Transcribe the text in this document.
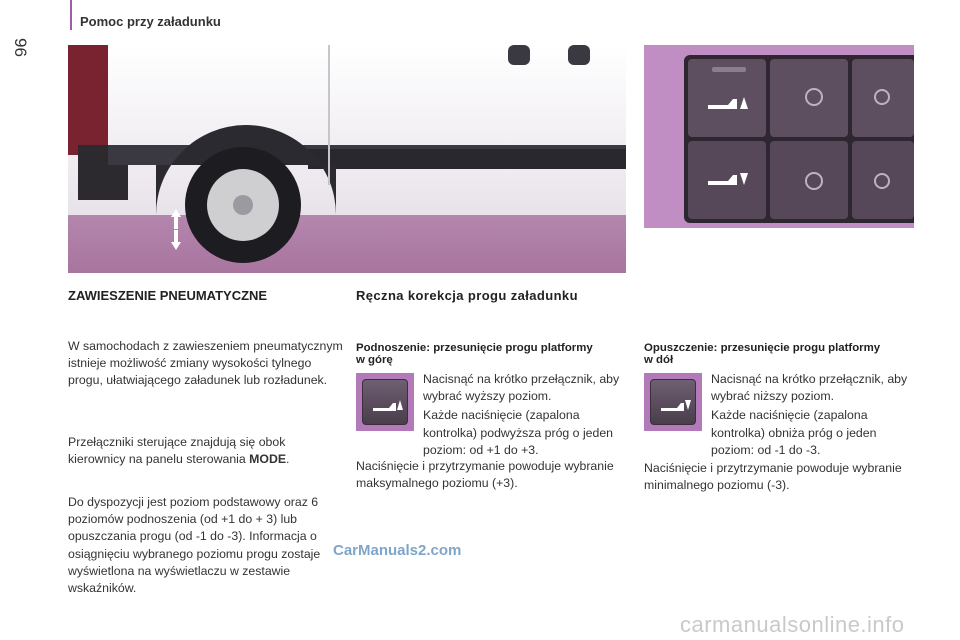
96
Pomoc przy załadunku
ZAWIESZENIE PNEUMATYCZNE	Ręczna korekcja progu załadunku

W samochodach z zawieszeniem pneumatycznym istnieje możliwość zmiany wysokości tylnego progu, ułatwiającego załadunek lub rozładunek.

Przełączniki sterujące znajdują się obok kierownicy na panelu sterowania MODE.

Do dyspozycji jest poziom podstawowy oraz 6 poziomów podnoszenia (od +1 do + 3) lub opuszczania progu (od -1 do -3). Informacja o osiągnięciu wybranego poziomu progu zostaje wyświetlona na wyświetlaczu w zestawie wskaźników.

Podnoszenie: przesunięcie progu platformy w górę

Nacisnąć na krótko przełącznik, aby wybrać wyższy poziom.

Każde naciśnięcie (zapalona kontrolka) podwyższa próg o jeden poziom: od +1 do +3.

Naciśnięcie i przytrzymanie powoduje wybranie maksymalnego poziomu (+3).

Opuszczenie: przesunięcie progu platformy w dół

Nacisnąć na krótko przełącznik, aby wybrać niższy poziom.

Każde naciśnięcie (zapalona kontrolka) obniża próg o jeden poziom: od -1 do -3.

Naciśnięcie i przytrzymanie powoduje wybranie minimalnego poziomu (-3).

CarManuals2.com
carmanualsonline.info
